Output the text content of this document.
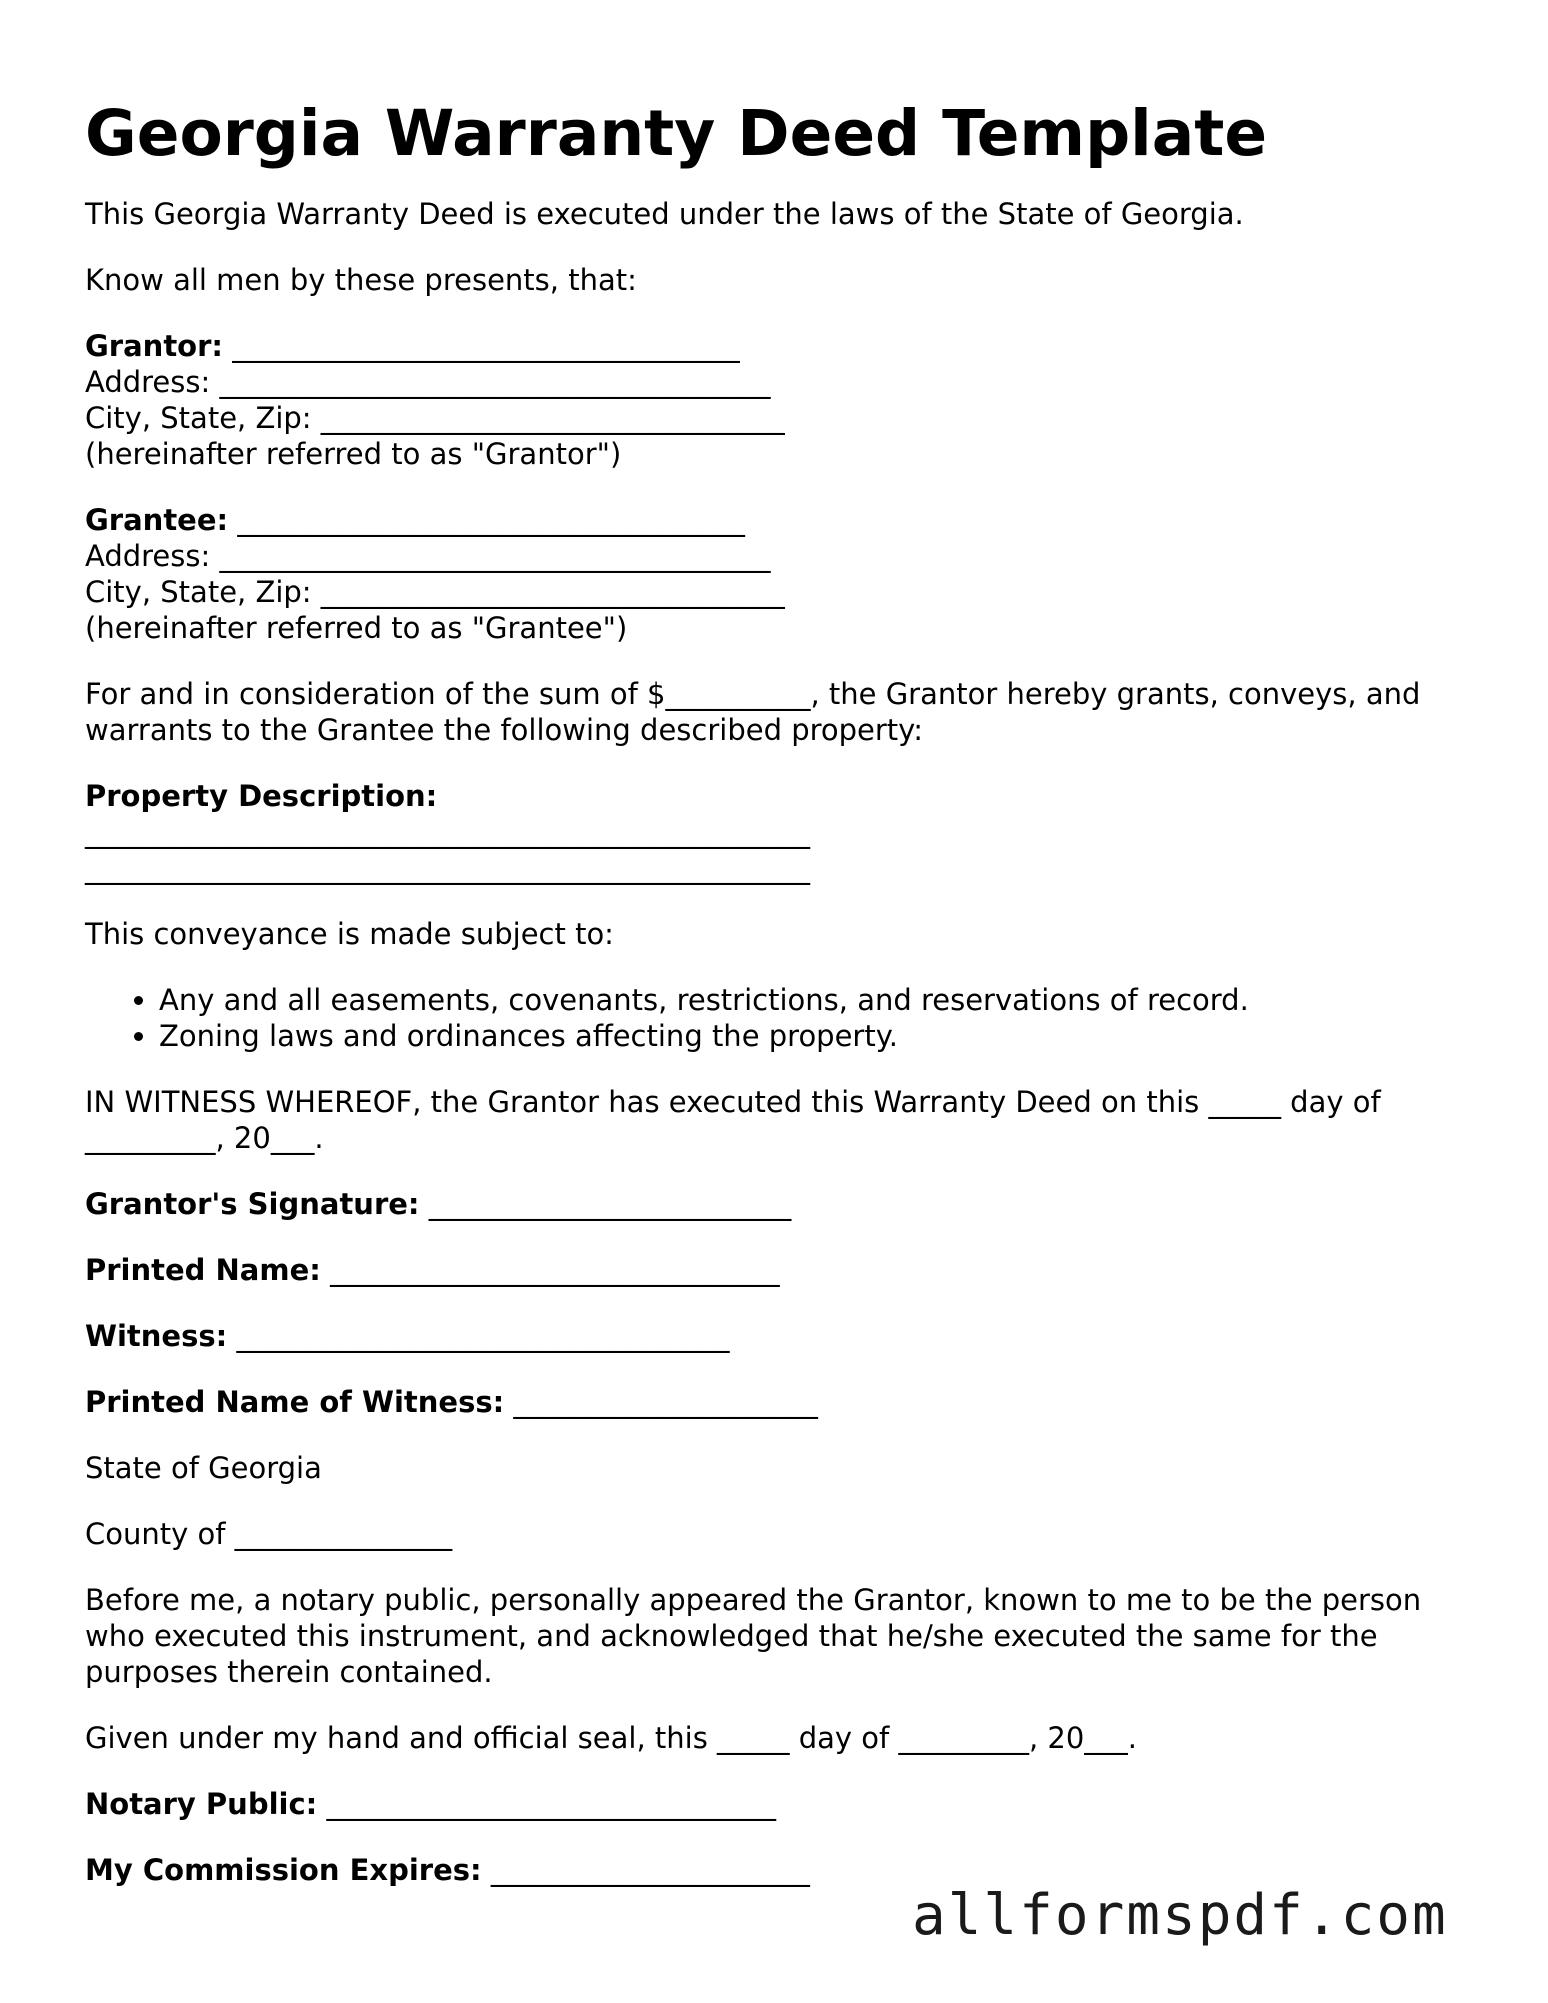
Georgia Warranty Deed Template

This Georgia Warranty Deed is executed under the laws of the State of Georgia.

Know all men by these presents, that:

Grantor: ___________________________________
Address: ______________________________________
City, State, Zip: ________________________________
(hereinafter referred to as "Grantor")
Grantee: ___________________________________
Address: ______________________________________
City, State, Zip: ________________________________
(hereinafter referred to as "Grantee")

For and in consideration of the sum of $__________, the Grantor hereby grants, conveys, and warrants to the Grantee the following described property:

Property Description:
__________________________________________________
__________________________________________________

This conveyance is made subject to:

• Any and all easements, covenants, restrictions, and reservations of record.
• Zoning laws and ordinances affecting the property.

IN WITNESS WHEREOF, the Grantor has executed this Warranty Deed on this _____ day of _________, 20___.

Grantor's Signature: _________________________

Printed Name: _______________________________

Witness: __________________________________

Printed Name of Witness: _____________________

State of Georgia

County of _______________

Before me, a notary public, personally appeared the Grantor, known to me to be the person who executed this instrument, and acknowledged that he/she executed the same for the purposes therein contained.

Given under my hand and official seal, this _____ day of _________, 20___.

Notary Public: _______________________________

My Commission Expires: ______________________

allformspdf.com
